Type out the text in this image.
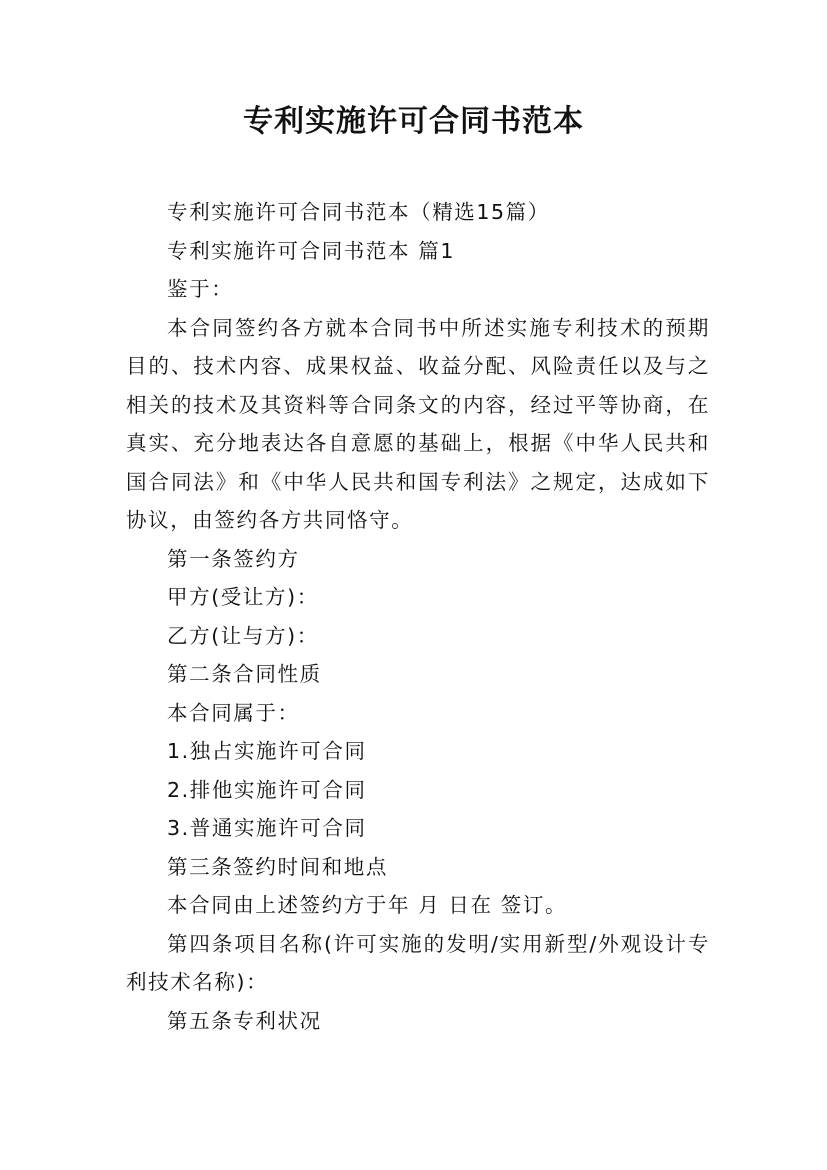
专利实施许可合同书范本

专利实施许可合同书范本（精选15篇）

专利实施许可合同书范本 篇1

鉴于：

本合同签约各方就本合同书中所述实施专利技术的预期目的、技术内容、成果权益、收益分配、风险责任以及与之相关的技术及其资料等合同条文的内容，经过平等协商，在真实、充分地表达各自意愿的基础上，根据《中华人民共和国合同法》和《中华人民共和国专利法》之规定，达成如下协议，由签约各方共同恪守。

第一条签约方

甲方(受让方)：

乙方(让与方)：

第二条合同性质

本合同属于：

1.独占实施许可合同

2.排他实施许可合同

3.普通实施许可合同

第三条签约时间和地点

本合同由上述签约方于年 月 日在 签订。

第四条项目名称(许可实施的发明/实用新型/外观设计专利技术名称)：

第五条专利状况
